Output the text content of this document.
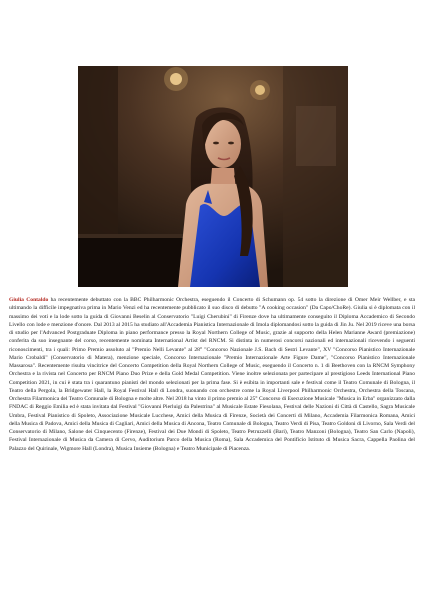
Giulia Contaldo ha recentemente debuttato con la BBC Philharmonic Orchestra, eseguendo il Concerto di Schumann op. 54 sotto la direzione di Omer Meir Wellber, e sta ultimando la difficile impegnativa prima in Mario Venzi ed ha recentemente pubblicato il suo disco di debutto "A cooking occasion" (Da Capo/ChoRe). Giulia si è diplomata con il massimo dei voti e la lode sotto la guida di Giovanni Beselin al Conservatorio "Luigi Cherubini" di Firenze dove ha ultimamente conseguito il Diploma Accademico di Secondo Livello con lode e menzione d'onore. Dal 2013 al 2015 ha studiato all'Accademia Pianistica Internazionale di Imola diplomandosi sotto la guida di Jin Ju. Nel 2019 riceve una borsa di studio per l'Advanced Postgraduate Diploma in piano performance presso la Royal Northern College of Music, grazie al supporto della Helen Marianne Award (premiazione) conferita da suo insegnante del corso, recentemente nominata International Artist del RNCM. Si distinta in numerosi concorsi nazionali ed internazionali ricevendo i seguenti riconoscimenti, tra i quali: Primo Premio assoluto al "Premio Nelli Levante" al 28° "Concorso Nazionale J.S. Bach di Sestri Levante", XV "Concorso Pianistico Internazionale Mario Crobaldi" (Conservatorio di Matera), menzione speciale, Concorso Internazionale "Premio Internazionale Arte Figure Dame", "Concorso Pianistico Internazionale Massarosa". Recentemente risulta vincitrice del Concerto Competition della Royal Northern College of Music, eseguendo il Concerto n. 1 di Beethoven con la RNCM Symphony Orchestra e la rivista nel Concerto per RNCM Piano Duo Prize e della Gold Medal Competition. Viene inoltre selezionata per partecipare al prestigioso Leeds International Piano Competition 2021, in cui è stata tra i quarantuno pianisti del mondo selezionati per la prima fase. Si è esibita in importanti sale e festival come il Teatro Comunale di Bologna, il Teatro della Pergola, la Bridgewater Hall, la Royal Festival Hall di Londra, suonando con orchestre come la Royal Liverpool Philharmonic Orchestra, Orchestra della Toscana, Orchestra Filarmonica del Teatro Comunale di Bologna e molte altre. Nel 2018 ha vinto il primo premio al 25° Concorso di Esecuzione Musicale "Musica in Erba" organizzato dalla FNDAC di Reggio Emilia ed è stata invitata dal Festival "Giovanni Pierluigi da Palestrina" al Musicale Estate Fiesolana, Festival delle Nazioni di Città di Castello, Sagra Musicale Umbra, Festival Pianistico di Spoleto, Associazione Musicale Lucchese, Amici della Musica di Firenze, Società dei Concerti di Milano, Accademia Filarmonica Romana, Amici della Musica di Padova, Amici della Musica di Cagliari, Amici della Musica di Ancona, Teatro Comunale di Bologna, Teatro Verdi di Pisa, Teatro Goldoni di Livorno, Sala Verdi del Conservatorio di Milano, Salone dei Cinquecento (Firenze), Festival dei Due Mondi di Spoleto, Teatro Petruzzelli (Bari), Teatro Manzoni (Bologna), Teatro San Carlo (Napoli), Festival Internazionale di Musica da Camera di Cervo, Auditorium Parco della Musica (Roma), Sala Accademica del Pontificio Istituto di Musica Sacra, Cappella Paolina del Palazzo del Quirinale, Wigmore Hall (Londra), Musica Insieme (Bologna) e Teatro Municipale di Piacenza.
